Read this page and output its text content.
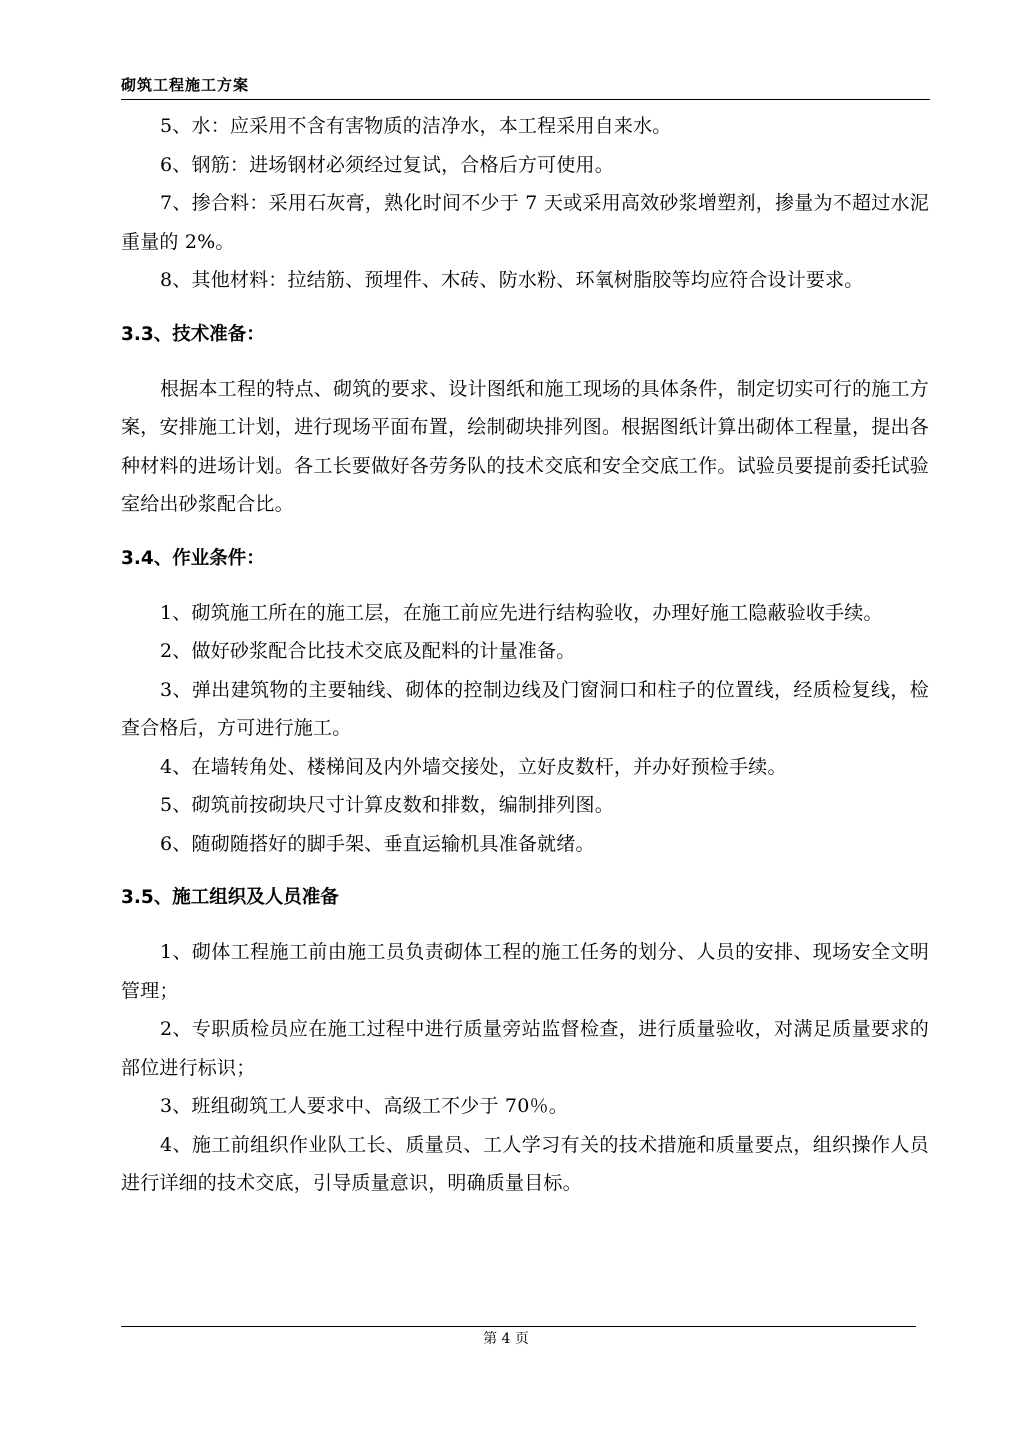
砌筑工程施工方案

5、水：应采用不含有害物质的洁净水，本工程采用自来水。

6、钢筋：进场钢材必须经过复试，合格后方可使用。

7、掺合料：采用石灰膏，熟化时间不少于 7 天或采用高效砂浆增塑剂，掺量为不超过水泥重量的 2%。

8、其他材料：拉结筋、预埋件、木砖、防水粉、环氧树脂胶等均应符合设计要求。

3.3、技术准备：

根据本工程的特点、砌筑的要求、设计图纸和施工现场的具体条件，制定切实可行的施工方案，安排施工计划，进行现场平面布置，绘制砌块排列图。根据图纸计算出砌体工程量，提出各种材料的进场计划。各工长要做好各劳务队的技术交底和安全交底工作。试验员要提前委托试验室给出砂浆配合比。

3.4、作业条件：

1、砌筑施工所在的施工层，在施工前应先进行结构验收，办理好施工隐蔽验收手续。

2、做好砂浆配合比技术交底及配料的计量准备。

3、弹出建筑物的主要轴线、砌体的控制边线及门窗洞口和柱子的位置线，经质检复线，检查合格后，方可进行施工。

4、在墙转角处、楼梯间及内外墙交接处，立好皮数杆，并办好预检手续。

5、砌筑前按砌块尺寸计算皮数和排数，编制排列图。

6、随砌随搭好的脚手架、垂直运输机具准备就绪。

3.5、施工组织及人员准备

1、砌体工程施工前由施工员负责砌体工程的施工任务的划分、人员的安排、现场安全文明管理；

2、专职质检员应在施工过程中进行质量旁站监督检查，进行质量验收，对满足质量要求的部位进行标识；

3、班组砌筑工人要求中、高级工不少于 70％。

4、施工前组织作业队工长、质量员、工人学习有关的技术措施和质量要点，组织操作人员进行详细的技术交底，引导质量意识，明确质量目标。

第 4 页
